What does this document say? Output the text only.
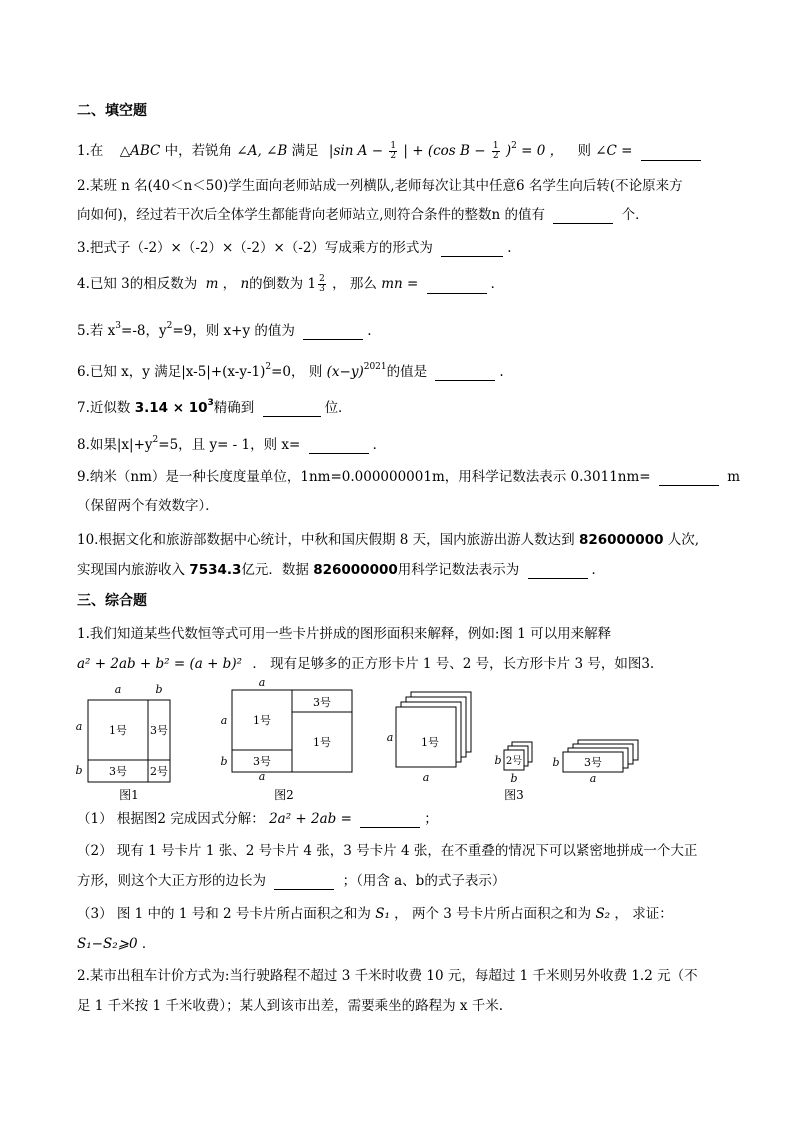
二、填空题
1.在 △ABC 中，若锐角 ∠A, ∠B 满足 |sin $A - \frac{1}{2}$ | + (cos $B - \frac{1}{2} )^2 = 0$ ， 则 ∠C =
2.某班 n 名(40＜n＜50)学生面向老师站成一列横队,老师每次让其中任意6 名学生向后转(不论原来方
向如何)，经过若干次后全体学生都能背向老师站立,则符合条件的整数n 的值有	个．
3.把式子（-2）×（-2）×（-2）×（-2）写成乘方的形式为	.
4.已知 3的相反数为 m ， n的倒数为 $1 \frac{2}{3}$ ， 那么 mn =	．
5.若 $x^3=-8$，$y^2=9$，则 x+y 的值为	.
6.已知 x，y 满足$|x-5|+(x-y-1)^2=0$， 则 $(x-y)^{2021}$的值是	.
7.近似数 $3.14 \times 10^3$精确到	位．
8.如果$|x|+y^2=5$，且 y= - 1，则 x=	．
9.纳米（nm）是一种长度度量单位，1nm=0.000000001m，用科学记数法表示 0.3011nm=	m
（保留两个有效数字）．
10.根据文化和旅游部数据中心统计，中秋和国庆假期 8 天，国内旅游出游人数达到 826000000 人次,
实现国内旅游收入 7534.3亿元．数据 826000000用科学记数法表示为	．
三、综合题
1.我们知道某些代数恒等式可用一些卡片拼成的图形面积来解释，例如:图 1 可以用来解释
a² + 2ab + b² = (a + b)² ． 现有足够多的正方形卡片 1 号、2 号，长方形卡片 3 号，如图3.
a	b
a
b
1号 3号
3号 2号
图1
a
a
b
a
1号
3号
1号
3号
图2
a	1号
a
b 2号
b
图3
b 3号
a
（1） 根据图2 完成因式分解： 2a² + 2ab =	；
（2） 现有 1 号卡片 1 张、2 号卡片 4 张，3 号卡片 4 张，在不重叠的情况下可以紧密地拼成一个大正
方形，则这个大正方形的边长为	；（用含 a、b的式子表示）
（3） 图 1 中的 1 号和 2 号卡片所占面积之和为 S₁ ， 两个 3 号卡片所占面积之和为 S₂ ， 求证：
S₁−S₂⩾0 ．
2.某市出租车计价方式为:当行驶路程不超过 3 千米时收费 10 元，每超过 1 千米则另外收费 1.2 元（不
足 1 千米按 1 千米收费）；某人到该市出差，需要乘坐的路程为 x 千米.
